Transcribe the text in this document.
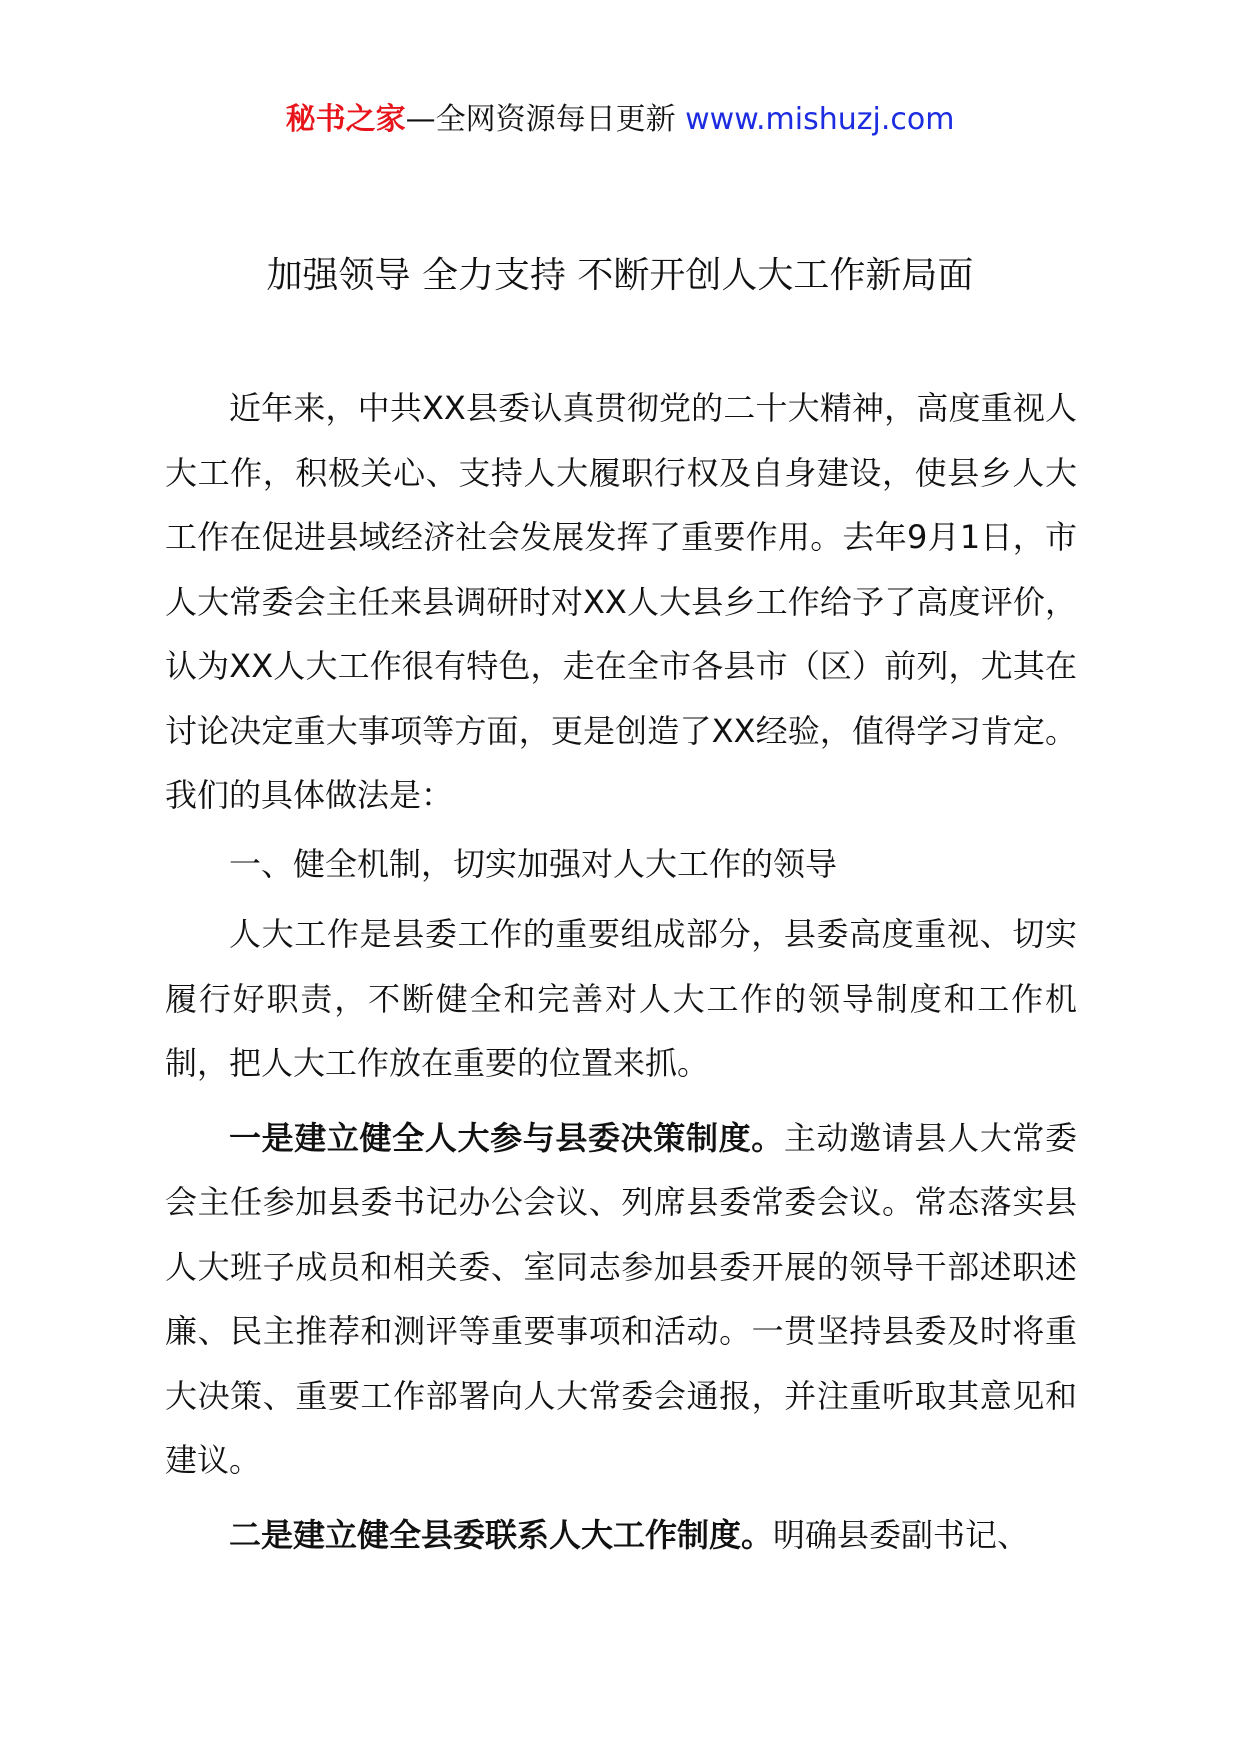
秘书之家—全网资源每日更新 www.mishuzj.com
加强领导 全力支持 不断开创人大工作新局面

近年来，中共XX县委认真贯彻党的二十大精神，高度重视人大工作，积极关心、支持人大履职行权及自身建设，使县乡人大工作在促进县域经济社会发展发挥了重要作用。去年9月1日，市人大常委会主任来县调研时对XX人大县乡工作给予了高度评价，认为XX人大工作很有特色，走在全市各县市（区）前列，尤其在讨论决定重大事项等方面，更是创造了XX经验，值得学习肯定。我们的具体做法是：

一、健全机制，切实加强对人大工作的领导

人大工作是县委工作的重要组成部分，县委高度重视、切实履行好职责，不断健全和完善对人大工作的领导制度和工作机制，把人大工作放在重要的位置来抓。

一是建立健全人大参与县委决策制度。主动邀请县人大常委会主任参加县委书记办公会议、列席县委常委会议。常态落实县人大班子成员和相关委、室同志参加县委开展的领导干部述职述廉、民主推荐和测评等重要事项和活动。一贯坚持县委及时将重大决策、重要工作部署向人大常委会通报，并注重听取其意见和建议。

二是建立健全县委联系人大工作制度。明确县委副书记、
